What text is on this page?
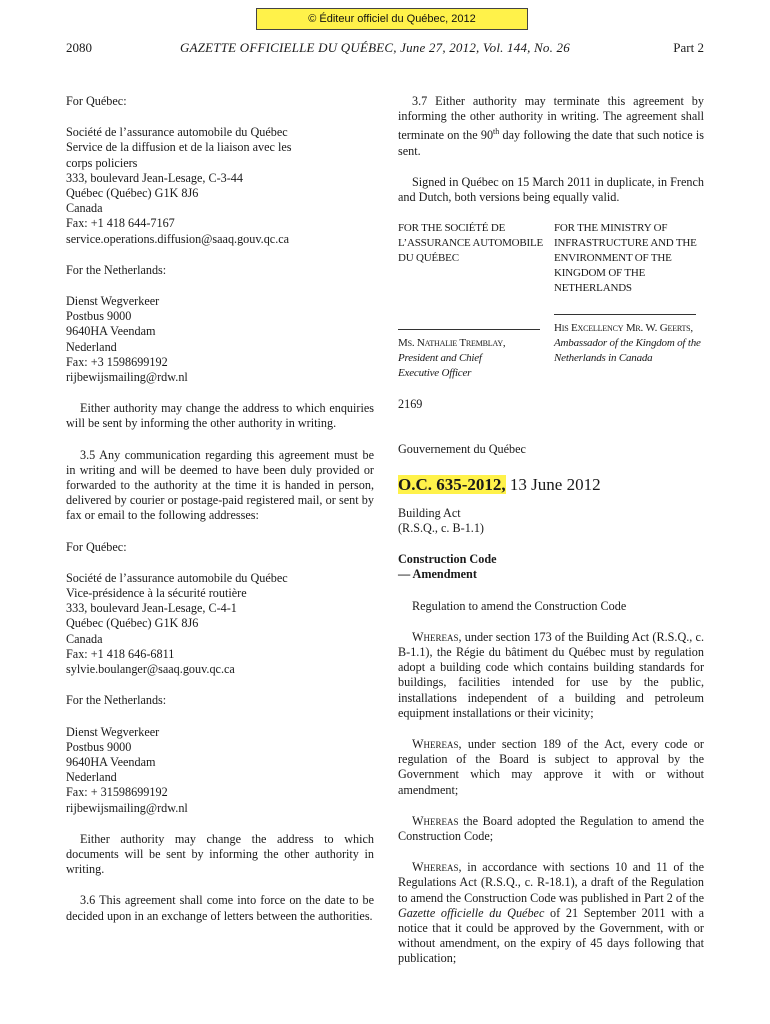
© Éditeur officiel du Québec, 2012
2080	GAZETTE OFFICIELLE DU QUÉBEC, June 27, 2012, Vol. 144, No. 26	Part 2

For Québec:

Société de l’assurance automobile du Québec

Service de la diffusion et de la liaison avec les

corps policiers

333, boulevard Jean-Lesage, C-3-44

Québec (Québec) G1K 8J6

Canada

Fax: +1 418 644-7167

service.operations.diffusion@saaq.gouv.qc.ca

For the Netherlands:

Dienst Wegverkeer

Postbus 9000

9640HA Veendam

Nederland

Fax: +3 1598699192

rijbewijsmailing@rdw.nl

Either authority may change the address to which enquiries will be sent by informing the other authority in writing.

3.5 Any communication regarding this agreement must be in writing and will be deemed to have been duly provided or forwarded to the authority at the time it is handed in person, delivered by courier or postage-paid registered mail, or sent by fax or email to the following addresses:

For Québec:

Société de l’assurance automobile du Québec

Vice-présidence à la sécurité routière

333, boulevard Jean-Lesage, C-4-1

Québec (Québec) G1K 8J6

Canada

Fax: +1 418 646-6811

sylvie.boulanger@saaq.gouv.qc.ca

For the Netherlands:

Dienst Wegverkeer

Postbus 9000

9640HA Veendam

Nederland

Fax: + 31598699192

rijbewijsmailing@rdw.nl

Either authority may change the address to which documents will be sent by informing the other authority in writing.

3.6 This agreement shall come into force on the date to be decided upon in an exchange of letters between the authorities.

3.7 Either authority may terminate this agreement by informing the other authority in writing. The agreement shall terminate on the 90th day following the date that such notice is sent.

Signed in Québec on 15 March 2011 in duplicate, in French and Dutch, both versions being equally valid.

FOR THE SOCIÉTÉ DE
L’ASSURANCE AUTOMOBILE
DU QUÉBEC
Ms. Nathalie Tremblay,
President and Chief
Executive Officer
FOR THE MINISTRY OF
INFRASTRUCTURE AND THE
ENVIRONMENT OF THE
KINGDOM OF THE
NETHERLANDS
His Excellency Mr. W. Geerts,
Ambassador of the Kingdom of the
Netherlands in Canada

2169

Gouvernement du Québec

O.C. 635-2012, 13 June 2012

Building Act

(R.S.Q., c. B-1.1)

Construction Code

— Amendment

Regulation to amend the Construction Code

Whereas, under section 173 of the Building Act (R.S.Q., c. B-1.1), the Régie du bâtiment du Québec must by regulation adopt a building code which contains building standards for buildings, facilities intended for use by the public, installations independent of a building and petroleum equipment installations or their vicinity;

Whereas, under section 189 of the Act, every code or regulation of the Board is subject to approval by the Government which may approve it with or without amendment;

Whereas the Board adopted the Regulation to amend the Construction Code;

Whereas, in accordance with sections 10 and 11 of the Regulations Act (R.S.Q., c. R-18.1), a draft of the Regulation to amend the Construction Code was published in Part 2 of the Gazette officielle du Québec of 21 September 2011 with a notice that it could be approved by the Government, with or without amendment, on the expiry of 45 days following that publication;
